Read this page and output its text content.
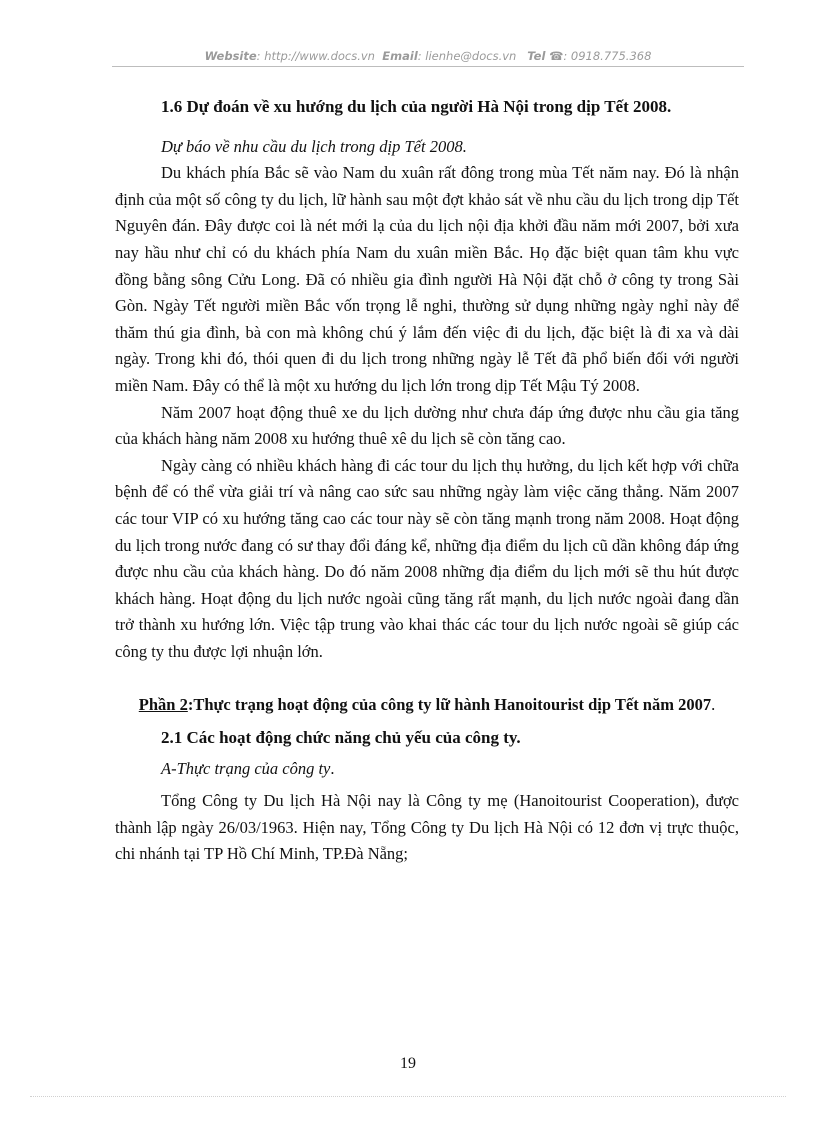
Website: http://www.docs.vn Email: lienhe@docs.vn Tel ☎: 0918.775.368

1.6 Dự đoán về xu hướng du lịch của người Hà Nội trong dịp Tết 2008.

Dự báo về nhu cầu du lịch trong dịp Tết 2008.

Du khách phía Bắc sẽ vào Nam du xuân rất đông trong mùa Tết năm nay. Đó là nhận định của một số công ty du lịch, lữ hành sau một đợt khảo sát về nhu cầu du lịch trong dịp Tết Nguyên đán. Đây được coi là nét mới lạ của du lịch nội địa khởi đầu năm mới 2007, bởi xưa nay hầu như chỉ có du khách phía Nam du xuân miền Bắc. Họ đặc biệt quan tâm khu vực đồng bằng sông Cửu Long. Đã có nhiều gia đình người Hà Nội đặt chỗ ở công ty trong Sài Gòn. Ngày Tết người miền Bắc vốn trọng lễ nghi, thường sử dụng những ngày nghỉ này để thăm thú gia đình, bà con mà không chú ý lắm đến việc đi du lịch, đặc biệt là đi xa và dài ngày. Trong khi đó, thói quen đi du lịch trong những ngày lễ Tết đã phổ biến đối với người miền Nam. Đây có thể là một xu hướng du lịch lớn trong dịp Tết Mậu Tý 2008.

Năm 2007 hoạt động thuê xe du lịch dường như chưa đáp ứng được nhu cầu gia tăng của khách hàng năm 2008 xu hướng thuê xê du lịch sẽ còn tăng cao.

Ngày càng có nhiều khách hàng đi các tour du lịch thụ hưởng, du lịch kết hợp với chữa bệnh để có thể vừa giải trí và nâng cao sức sau những ngày làm việc căng thẳng. Năm 2007 các tour VIP có xu hướng tăng cao các tour này sẽ còn tăng mạnh trong năm 2008. Hoạt động du lịch trong nước đang có sư thay đổi đáng kể, những địa điểm du lịch cũ dần không đáp ứng được nhu cầu của khách hàng. Do đó năm 2008 những địa điểm du lịch mới sẽ thu hút được khách hàng. Hoạt động du lịch nước ngoài cũng tăng rất mạnh, du lịch nước ngoài đang dần trở thành xu hướng lớn. Việc tập trung vào khai thác các tour du lịch nước ngoài sẽ giúp các công ty thu được lợi nhuận lớn.

Phần 2:Thực trạng hoạt động của công ty lữ hành Hanoitourist dịp Tết năm 2007.

2.1 Các hoạt động chức năng chủ yếu của công ty.

A-Thực trạng của công ty.

Tổng Công ty Du lịch Hà Nội nay là Công ty mẹ (Hanoitourist Cooperation), được thành lập ngày 26/03/1963. Hiện nay, Tổng Công ty Du lịch Hà Nội có 12 đơn vị trực thuộc, chi nhánh tại TP Hồ Chí Minh, TP.Đà Nẵng;

19
